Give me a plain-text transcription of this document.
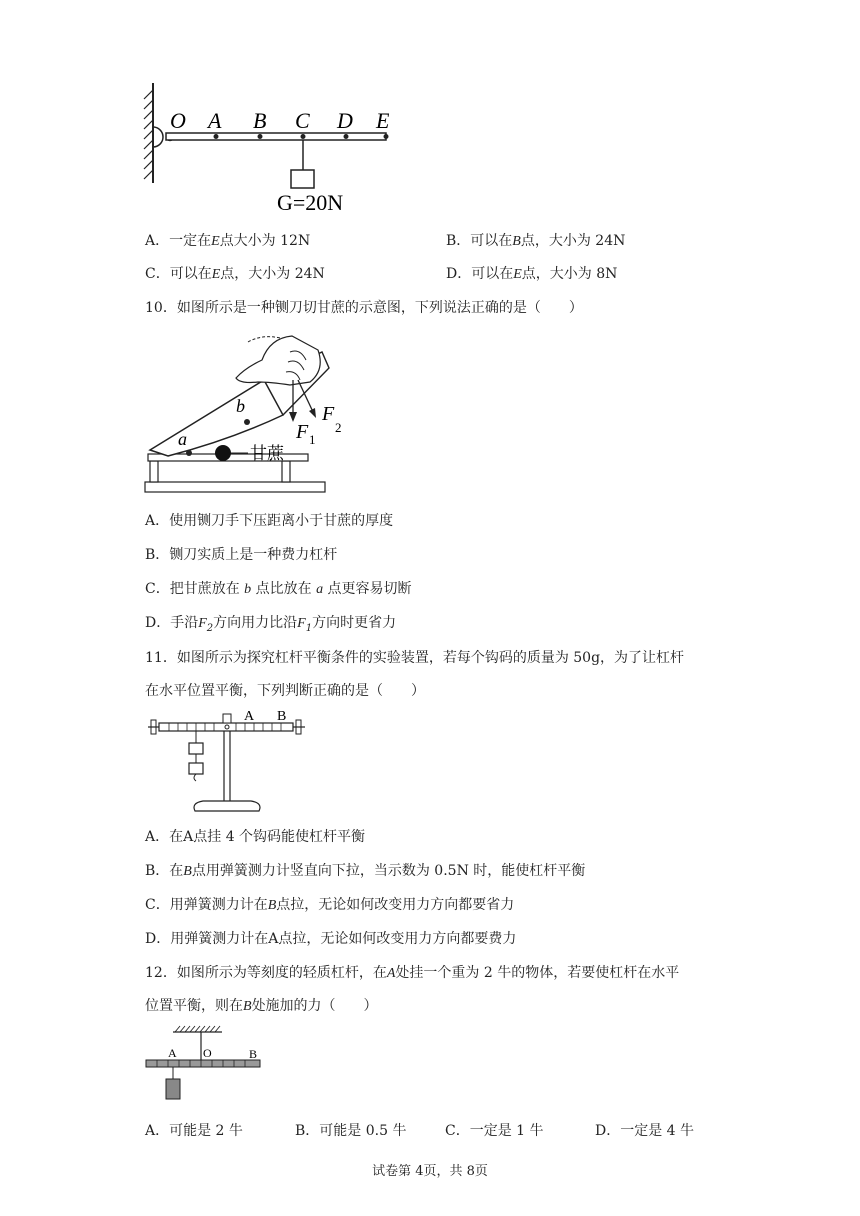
O A B C D E
G=20N
A．一定在E点大小为 12N	B．可以在B点，大小为 24N
C．可以在E点，大小为 24N	D．可以在E点，大小为 8N
10．如图所示是一种铡刀切甘蔗的示意图，下列说法正确的是（　　）
a
b
甘蔗
F 1
F
2
A．使用铡刀手下压距离小于甘蔗的厚度
B．铡刀实质上是一种费力杠杆
C．把甘蔗放在 b 点比放在 a 点更容易切断
D．手沿$F_2$方向用力比沿$F_1$方向时更省力
11．如图所示为探究杠杆平衡条件的实验装置，若每个钩码的质量为 50g，为了让杠杆
在水平位置平衡，下列判断正确的是（　　）
A B
A．在A点挂 4 个钩码能使杠杆平衡
B．在B点用弹簧测力计竖直向下拉，当示数为 0.5N 时，能使杠杆平衡
C．用弹簧测力计在B点拉，无论如何改变用力方向都要省力
D．用弹簧测力计在A点拉，无论如何改变用力方向都要费力
12．如图所示为等刻度的轻质杠杆，在A处挂一个重为 2 牛的物体，若要使杠杆在水平
位置平衡，则在B处施加的力（　　）
A O	B
A．可能是 2 牛	B．可能是 0.5 牛	C．一定是 1 牛	D．一定是 4 牛
试卷第 4页，共 8页
